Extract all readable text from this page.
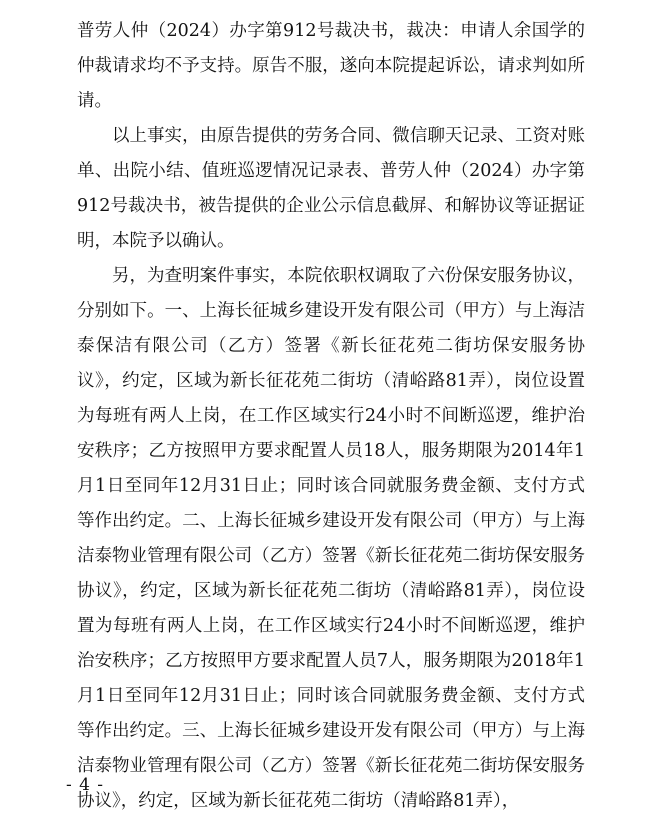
普劳人仲（2024）办字第912号裁决书，裁决：申请人余国学的仲裁请求均不予支持。原告不服，遂向本院提起诉讼，请求判如所请。

以上事实，由原告提供的劳务合同、微信聊天记录、工资对账单、出院小结、值班巡逻情况记录表、普劳人仲（2024）办字第912号裁决书，被告提供的企业公示信息截屏、和解协议等证据证明，本院予以确认。

另，为查明案件事实，本院依职权调取了六份保安服务协议，分别如下。一、上海长征城乡建设开发有限公司（甲方）与上海洁泰保洁有限公司（乙方）签署《新长征花苑二街坊保安服务协议》，约定，区域为新长征花苑二街坊（清峪路81弄），岗位设置为每班有两人上岗，在工作区域实行24小时不间断巡逻，维护治安秩序；乙方按照甲方要求配置人员18人，服务期限为2014年1月1日至同年12月31日止；同时该合同就服务费金额、支付方式等作出约定。二、上海长征城乡建设开发有限公司（甲方）与上海洁泰物业管理有限公司（乙方）签署《新长征花苑二街坊保安服务协议》，约定，区域为新长征花苑二街坊（清峪路81弄），岗位设置为每班有两人上岗，在工作区域实行24小时不间断巡逻，维护治安秩序；乙方按照甲方要求配置人员7人，服务期限为2018年1月1日至同年12月31日止；同时该合同就服务费金额、支付方式等作出约定。三、上海长征城乡建设开发有限公司（甲方）与上海洁泰物业管理有限公司（乙方）签署《新长征花苑二街坊保安服务协议》，约定，区域为新长征花苑二街坊（清峪路81弄），

- 4 -
